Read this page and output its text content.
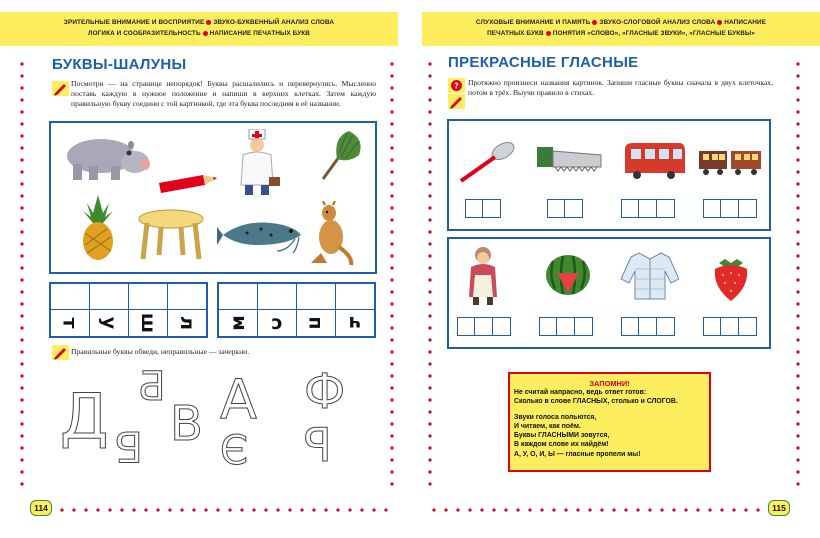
ЗРИТЕЛЬНЫЕ ВНИМАНИЕ И ВОСПРИЯТИЕ ЗВУКО-БУКВЕННЫЙ АНАЛИЗ СЛОВА
ЛОГИКА И СООБРАЗИТЕЛЬНОСТЬ НАПИСАНИЕ ПЕЧАТНЫХ БУКВ
БУКВЫ-ШАЛУНЫ
Посмотри — на странице непорядок! Буквы расшалились и перевернулись. Мысленно поставь каждую в нужное положение и напиши в верхних клетках. Затем каждую правильную букву соедини с той картинкой, где эта буква последняя в её названии.
т у ш л м с п ч
Правильные буквы обведи, неправильные — зачеркни.
Д Б
В
Б
А Ф
Э Р
114
СЛУХОВЫЕ ВНИМАНИЕ И ПАМЯТЬ ЗВУКО-СЛОГОВОЙ АНАЛИЗ СЛОВА НАПИСАНИЕ
ПЕЧАТНЫХ БУКВ ПОНЯТИЯ «СЛОВО», «ГЛАСНЫЕ ЗВУКИ», «ГЛАСНЫЕ БУКВЫ»
ПРЕКРАСНЫЕ ГЛАСНЫЕ
? Протяжно произнеси названия картинок. Запиши гласные буквы сначала в двух клеточках, потом в трёх. Выучи правило в стихах.
ЗАПОМНИ!
Не считай напрасно, ведь ответ готов:
Сколько в слове ГЛАСНЫХ, столько и СЛОГОВ.
Звуки голоса польются,
И читаем, как поём.
Буквы ГЛАСНЫМИ зовутся,
В каждом слове их найдём!
А, У, О, И, Ы — гласные пропели мы!
115
